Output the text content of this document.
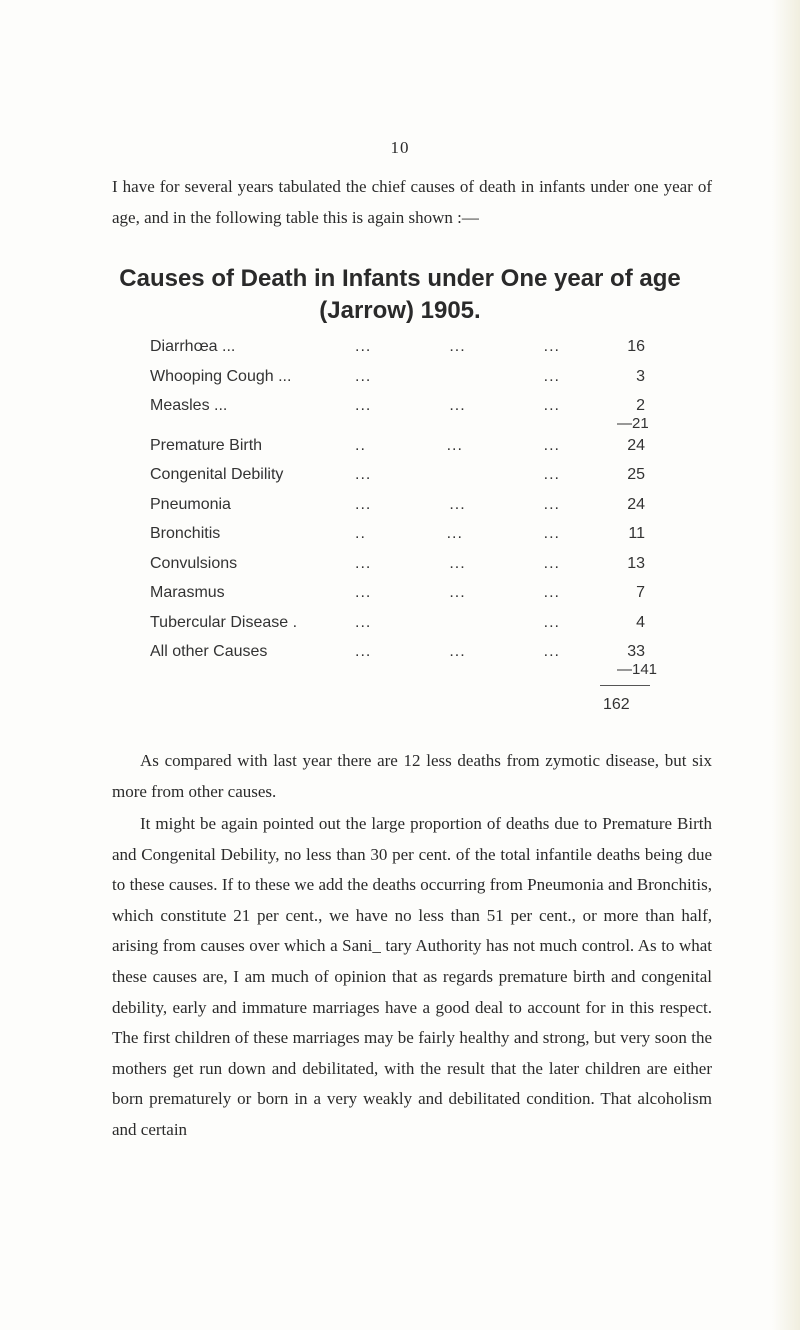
10

I have for several years tabulated the chief causes of death in infants under one year of age, and in the following table this is again shown :—

Causes of Death in Infants under One year of age
(Jarrow) 1905.
Diarrhœa ...	...	...	...	16
Whooping Cough ...	...	...	3
Measles ...	...	...	...	2
—21
Premature Birth	..	...	...	24
Congenital Debility	...	...	25
Pneumonia	...	...	...	24
Bronchitis	..	...	...	11
Convulsions	...	...	...	13
Marasmus	...	...	...	7
Tubercular Disease .	...	...	4
All other Causes	...	...	...	33
—141
162

As compared with last year there are 12 less deaths from zymotic disease, but six more from other causes.

It might be again pointed out the large proportion of deaths due to Premature Birth and Congenital Debility, no less than 30 per cent. of the total infantile deaths being due to these causes. If to these we add the deaths occurring from Pneumonia and Bronchitis, which constitute 21 per cent., we have no less than 51 per cent., or more than half, arising from causes over which a Sani_ tary Authority has not much control. As to what these causes are, I am much of opinion that as regards premature birth and congenital debility, early and immature marriages have a good deal to account for in this respect. The first children of these marriages may be fairly healthy and strong, but very soon the mothers get run down and debilitated, with the result that the later children are either born prematurely or born in a very weakly and debilitated condition. That alcoholism and certain
